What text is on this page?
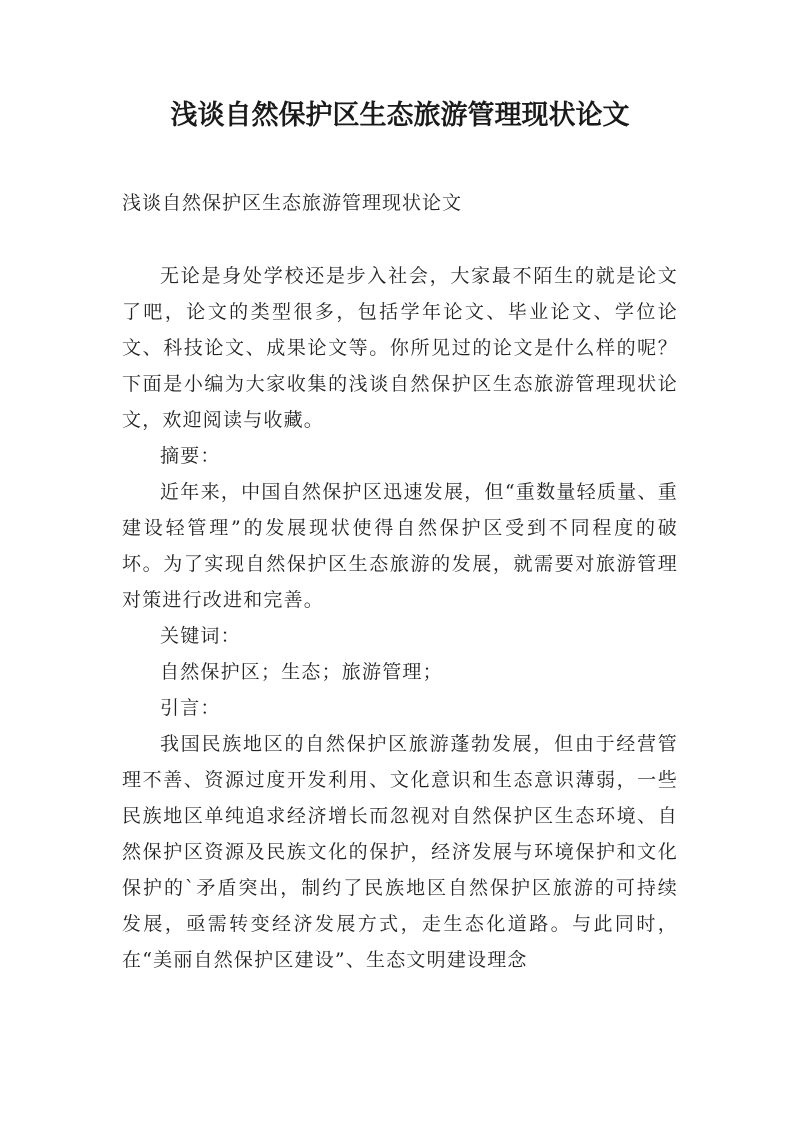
浅谈自然保护区生态旅游管理现状论文
浅谈自然保护区生态旅游管理现状论文

无论是身处学校还是步入社会，大家最不陌生的就是论文了吧，论文的类型很多，包括学年论文、毕业论文、学位论文、科技论文、成果论文等。你所见过的论文是什么样的呢？下面是小编为大家收集的浅谈自然保护区生态旅游管理现状论文，欢迎阅读与收藏。

摘要：

近年来，中国自然保护区迅速发展，但“重数量轻质量、重建设轻管理”的发展现状使得自然保护区受到不同程度的破坏。为了实现自然保护区生态旅游的发展，就需要对旅游管理对策进行改进和完善。

关键词：

自然保护区；生态；旅游管理；

引言：

我国民族地区的自然保护区旅游蓬勃发展，但由于经营管理不善、资源过度开发利用、文化意识和生态意识薄弱，一些民族地区单纯追求经济增长而忽视对自然保护区生态环境、自然保护区资源及民族文化的保护，经济发展与环境保护和文化保护的`矛盾突出，制约了民族地区自然保护区旅游的可持续发展，亟需转变经济发展方式，走生态化道路。与此同时，在“美丽自然保护区建设”、生态文明建设理念
